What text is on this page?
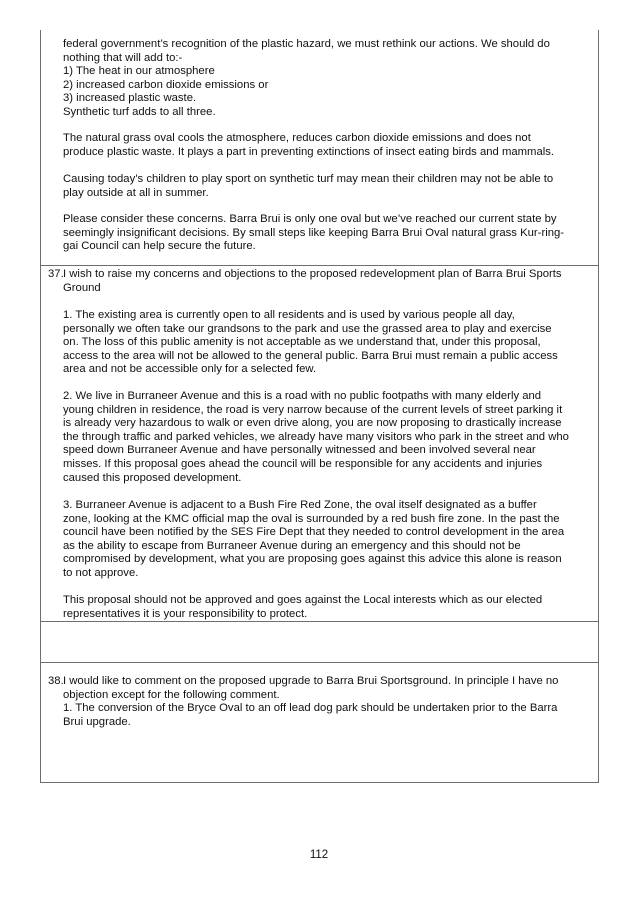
federal government’s recognition of the plastic hazard, we must rethink our actions. We should do
nothing that will add to:-
1) The heat in our atmosphere
2) increased carbon dioxide emissions or
3) increased plastic waste.
Synthetic turf adds to all three.
The natural grass oval cools the atmosphere, reduces carbon dioxide emissions and does not
produce plastic waste. It plays a part in preventing extinctions of insect eating birds and mammals.
Causing today’s children to play sport on synthetic turf may mean their children may not be able to
play outside at all in summer.
Please consider these concerns. Barra Brui is only one oval but we’ve reached our current state by
seemingly insignificant decisions. By small steps like keeping Barra Brui Oval natural grass Kur-ring-
gai Council can help secure the future.
37.I wish to raise my concerns and objections to the proposed redevelopment plan of Barra Brui Sports
Ground
1. The existing area is currently open to all residents and is used by various people all day,
personally we often take our grandsons to the park and use the grassed area to play and exercise
on. The loss of this public amenity is not acceptable as we understand that, under this proposal,
access to the area will not be allowed to the general public. Barra Brui must remain a public access
area and not be accessible only for a selected few.
2. We live in Burraneer Avenue and this is a road with no public footpaths with many elderly and
young children in residence, the road is very narrow because of the current levels of street parking it
is already very hazardous to walk or even drive along, you are now proposing to drastically increase
the through traffic and parked vehicles, we already have many visitors who park in the street and who
speed down Burraneer Avenue and have personally witnessed and been involved several near
misses. If this proposal goes ahead the council will be responsible for any accidents and injuries
caused this proposed development.
3. Burraneer Avenue is adjacent to a Bush Fire Red Zone, the oval itself designated as a buffer
zone, looking at the KMC official map the oval is surrounded by a red bush fire zone. In the past the
council have been notified by the SES Fire Dept that they needed to control development in the area
as the ability to escape from Burraneer Avenue during an emergency and this should not be
compromised by development, what you are proposing goes against this advice this alone is reason
to not approve.
This proposal should not be approved and goes against the Local interests which as our elected
representatives it is your responsibility to protect.
38.I would like to comment on the proposed upgrade to Barra Brui Sportsground. In principle I have no
objection except for the following comment.
1. The conversion of the Bryce Oval to an off lead dog park should be undertaken prior to the Barra
Brui upgrade.
112
